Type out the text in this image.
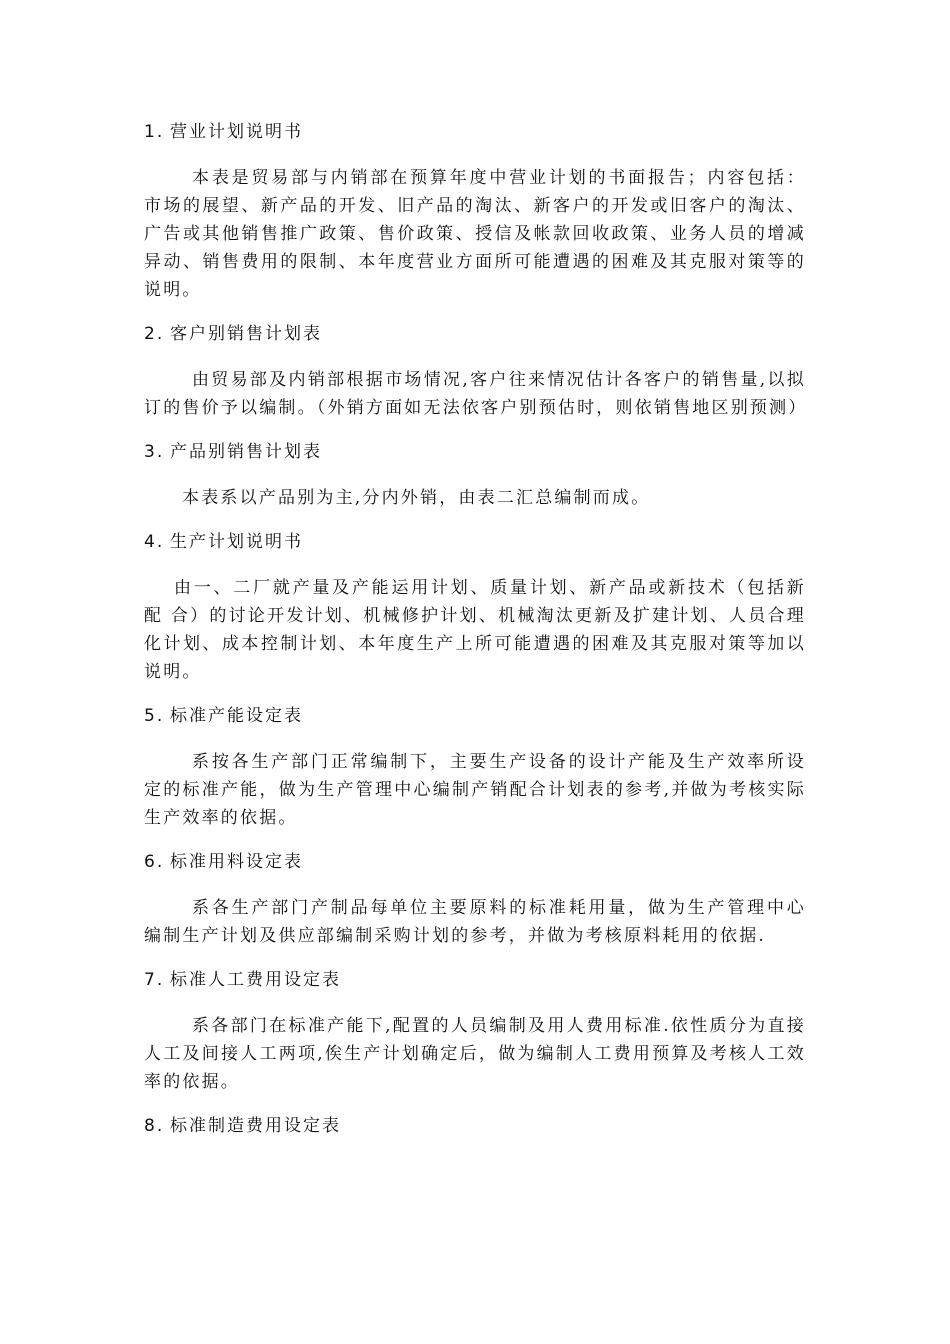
1. 营业计划说明书

本表是贸易部与内销部在预算年度中营业计划的书面报告；内容包括：市场的展望、新产品的开发、旧产品的淘汰、新客户的开发或旧客户的淘汰、广告或其他销售推广政策、售价政策、授信及帐款回收政策、业务人员的增减异动、销售费用的限制、本年度营业方面所可能遭遇的困难及其克服对策等的说明。

2. 客户别销售计划表

由贸易部及内销部根据市场情况,客户往来情况估计各客户的销售量,以拟订的售价予以编制。（外销方面如无法依客户别预估时，则依销售地区别预测）

3. 产品别销售计划表

本表系以产品别为主,分内外销，由表二汇总编制而成。

4. 生产计划说明书

由一、二厂就产量及产能运用计划、质量计划、新产品或新技术（包括新配 合）的讨论开发计划、机械修护计划、机械淘汰更新及扩建计划、人员合理化计划、成本控制计划、本年度生产上所可能遭遇的困难及其克服对策等加以说明。

5. 标准产能设定表

系按各生产部门正常编制下，主要生产设备的设计产能及生产效率所设定的标准产能，做为生产管理中心编制产销配合计划表的参考,并做为考核实际生产效率的依据。

6. 标准用料设定表

系各生产部门产制品每单位主要原料的标准耗用量，做为生产管理中心编制生产计划及供应部编制采购计划的参考，并做为考核原料耗用的依据.

7. 标准人工费用设定表

系各部门在标准产能下,配置的人员编制及用人费用标准.依性质分为直接人工及间接人工两项,俟生产计划确定后，做为编制人工费用预算及考核人工效率的依据。

8. 标准制造费用设定表
